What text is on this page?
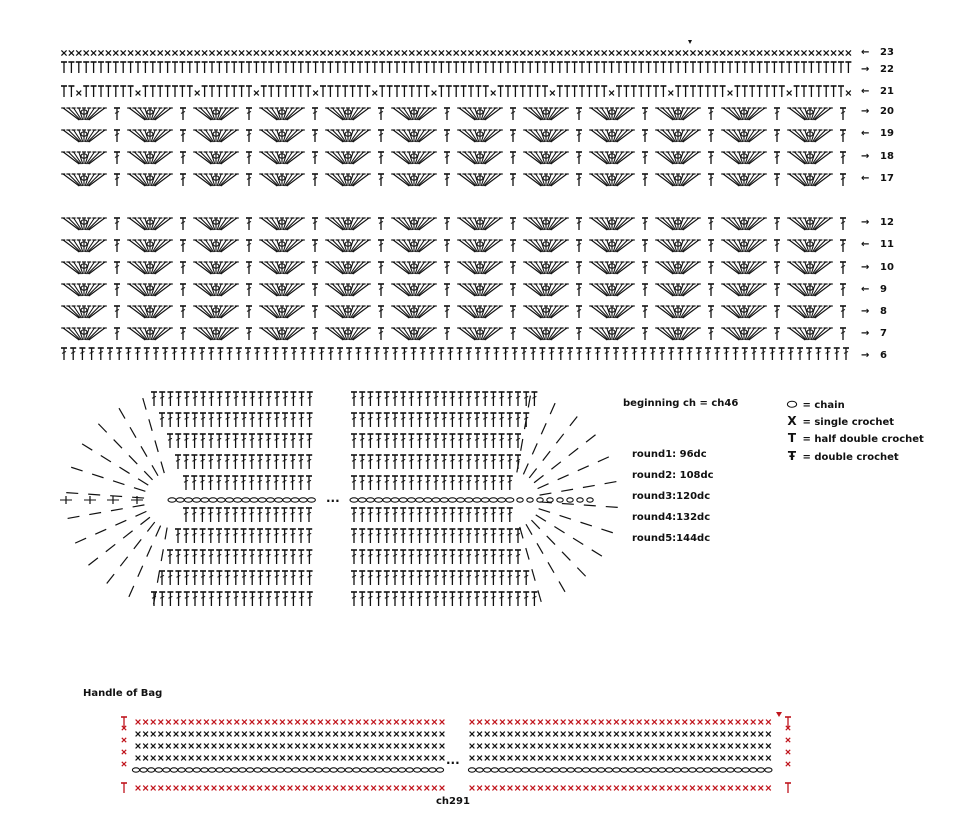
← 23
→ 22
← 21
→ 20
← 19
→ 18
← 17
→ 12
← 11
→ 10
← 9
→ 8
→ 7
→ 6
beginning ch = ch46
round1: 96dc
round2: 108dc
round3:120dc
round4:132dc
round5:144dc
···
⬭ = chain
X = single crochet
T = half double crochet
Ŧ = double crochet
Handle of Bag
ch291
···
